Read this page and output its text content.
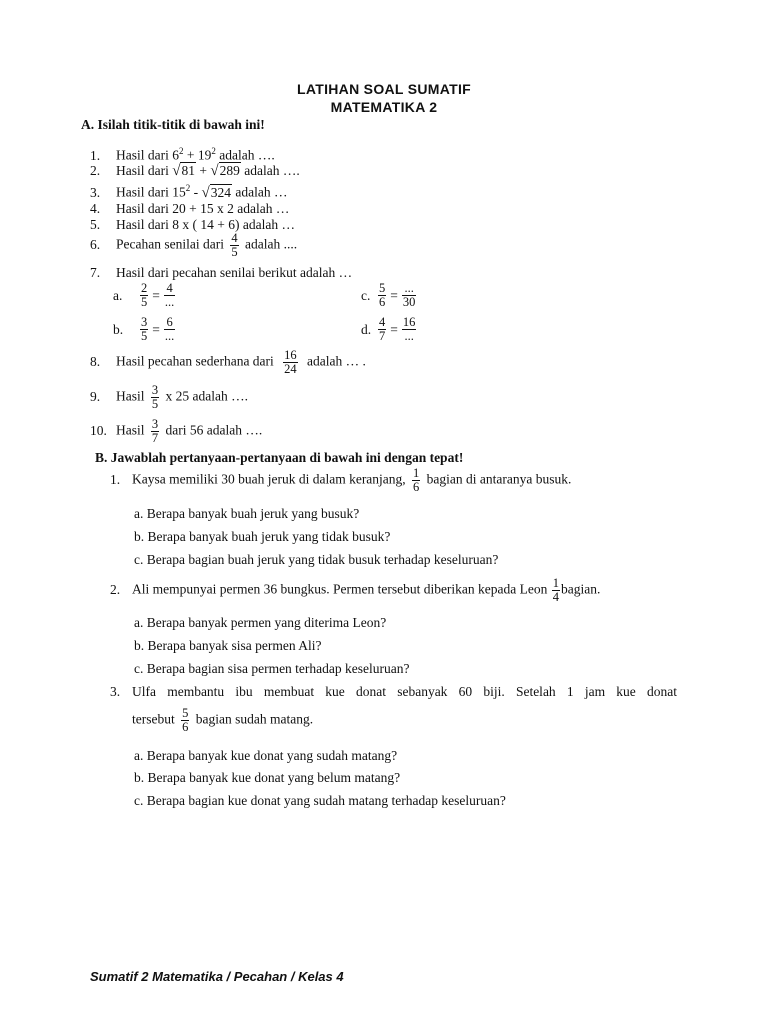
LATIHAN SOAL SUMATIF
MATEMATIKA 2
A. Isilah titik-titik di bawah ini!
1. Hasil dari $6^2 + 19^2$ adalah ….
2. Hasil dari √81 + √289 adalah ….
3. Hasil dari $15^2 - √324$ adalah …
4. Hasil dari 20 + 15 x 2 adalah …
5. Hasil dari 8 x ( 14 + 6) adalah …
6. Pecahan senilai dari $\frac{4}{5}$ adalah ....
7. Hasil dari pecahan senilai berikut adalah …
a. $\frac{2}{5} = \frac{4}{...}$
b. $\frac{3}{5} = \frac{6}{...}$
c. $\frac{5}{6} = \frac{...}{30}$
d. $\frac{4}{7} = \frac{16}{...}$
8. Hasil pecahan sederhana dari $\frac{16}{24}$ adalah … .
9. Hasil $\frac{3}{5}$ x 25 adalah ….
10. Hasil $\frac{3}{7}$ dari 56 adalah ….
B. Jawablah pertanyaan-pertanyaan di bawah ini dengan tepat!
1. Kaysa memiliki 30 buah jeruk di dalam keranjang, $\frac{1}{6}$ bagian di antaranya busuk.
a. Berapa banyak buah jeruk yang busuk?
b. Berapa banyak buah jeruk yang tidak busuk?
c. Berapa bagian buah jeruk yang tidak busuk terhadap keseluruan?
2. Ali mempunyai permen 36 bungkus. Permen tersebut diberikan kepada Leon $\frac{1}{4}$ bagian.
a. Berapa banyak permen yang diterima Leon?
b. Berapa banyak sisa permen Ali?
c. Berapa bagian sisa permen terhadap keseluruan?
3. Ulfa membantu ibu membuat kue donat sebanyak 60 biji. Setelah 1 jam kue donat
tersebut $\frac{5}{6}$ bagian sudah matang.
a. Berapa banyak kue donat yang sudah matang?
b. Berapa banyak kue donat yang belum matang?
c. Berapa bagian kue donat yang sudah matang terhadap keseluruan?
Sumatif 2 Matematika / Pecahan / Kelas 4
